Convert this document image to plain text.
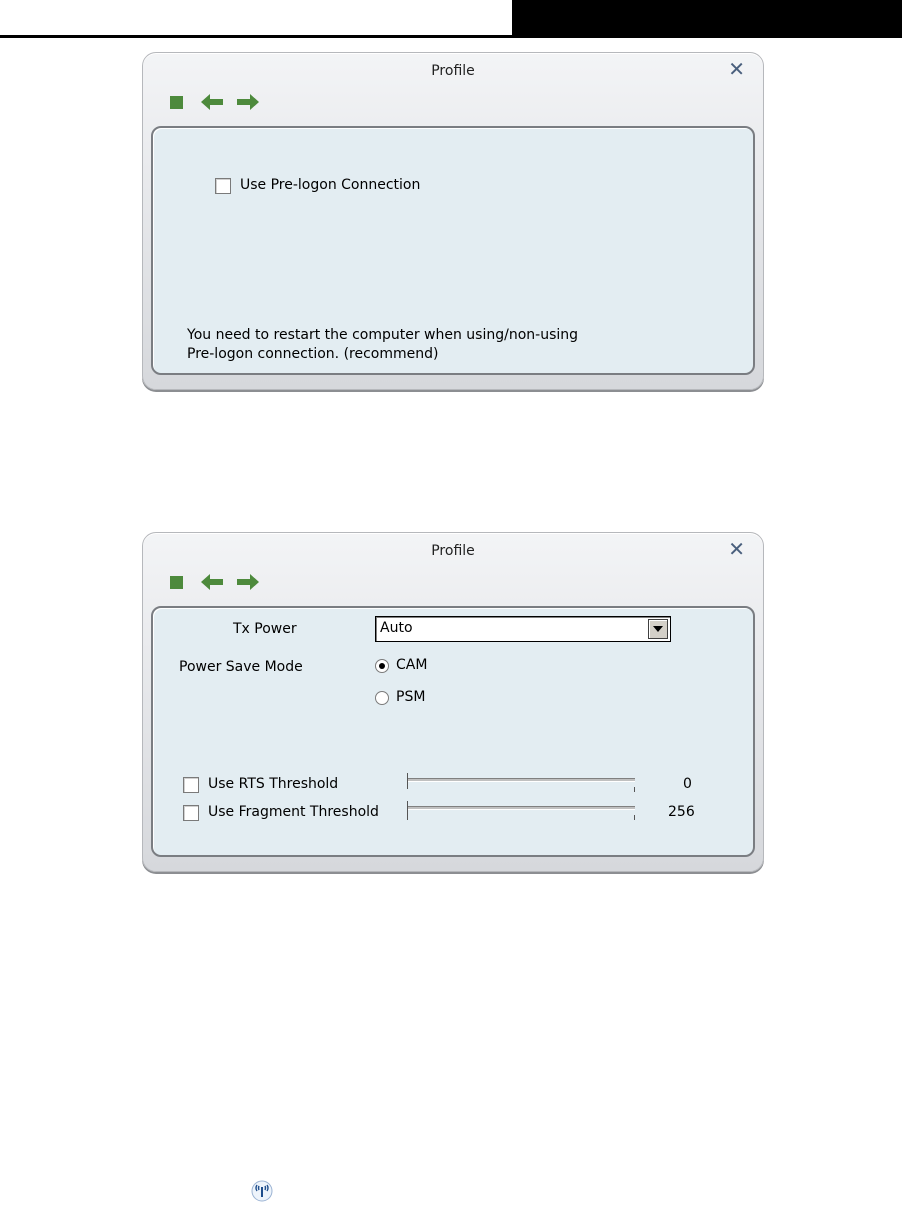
Profile	✕
Use Pre-logon Connection
You need to restart the computer when using/non-using
Pre-logon connection. (recommend)
Profile	✕
Tx Power	Auto
Power Save Mode	CAM
PSM
Use RTS Threshold	0
Use Fragment Threshold	256
